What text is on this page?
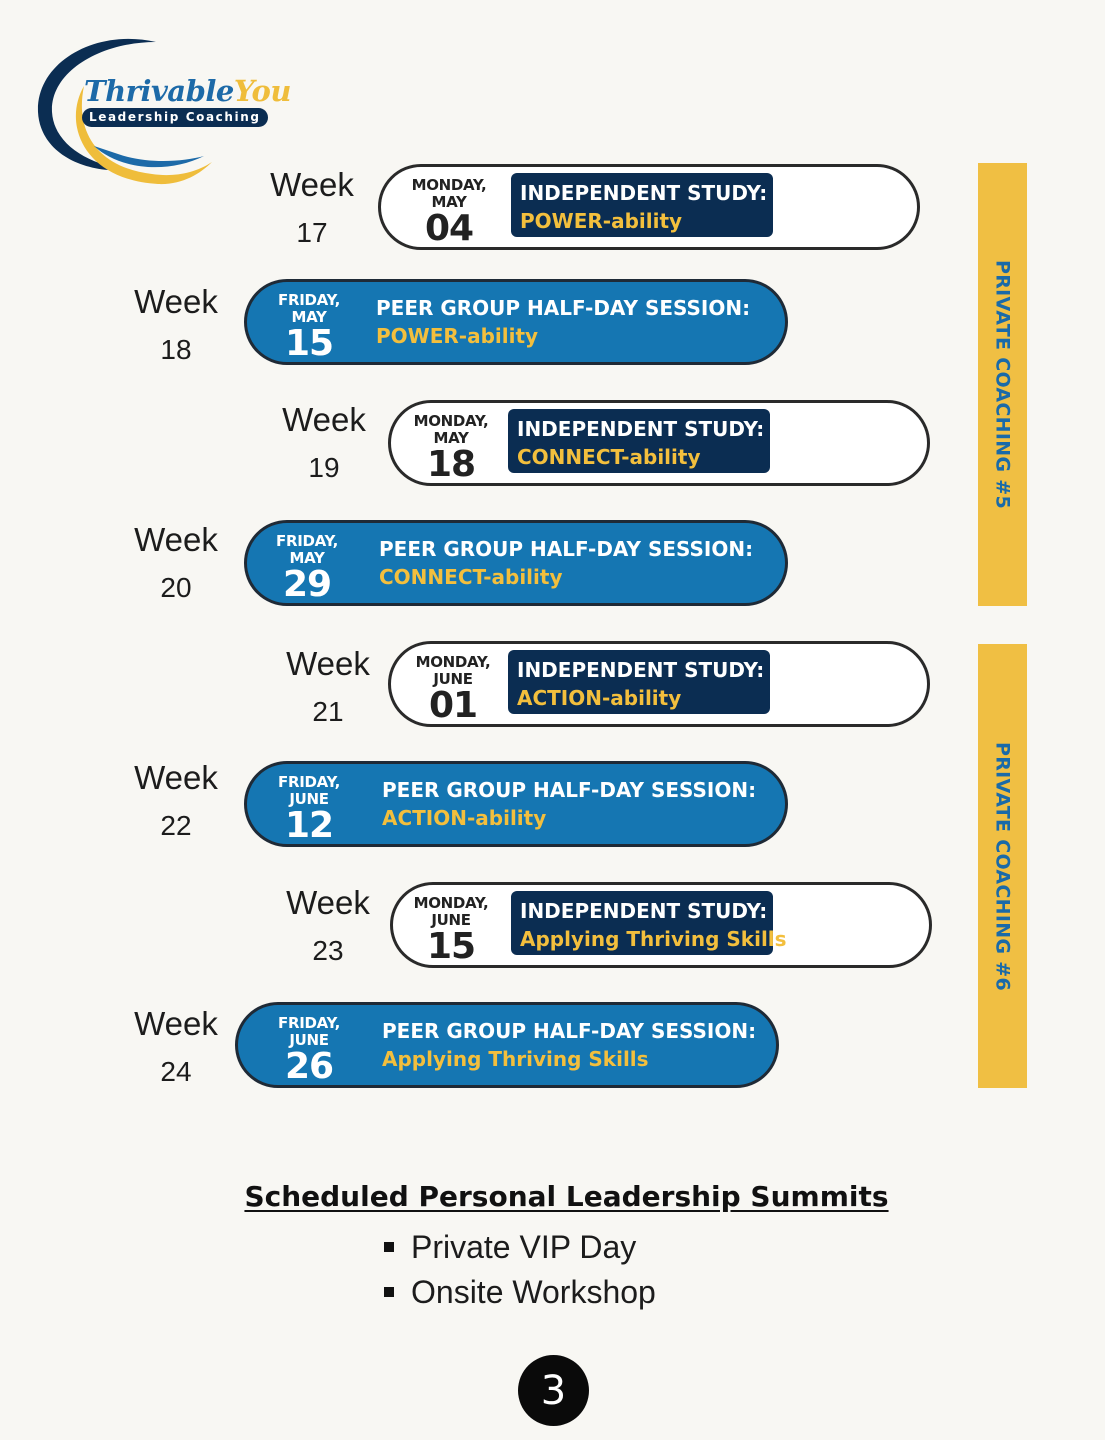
ThrivableYou
Leadership Coaching
Week
17
MONDAY,
MAY
04
INDEPENDENT STUDY:
POWER-ability
Week
18
FRIDAY,
MAY
15
PEER GROUP HALF-DAY SESSION:
POWER-ability
Week
19
MONDAY,
MAY
18
INDEPENDENT STUDY:
CONNECT-ability
Week
20
FRIDAY,
MAY
29
PEER GROUP HALF-DAY SESSION:
CONNECT-ability
Week
21
MONDAY,
JUNE
01
INDEPENDENT STUDY:
ACTION-ability
Week
22
FRIDAY,
JUNE
12
PEER GROUP HALF-DAY SESSION:
ACTION-ability
Week
23
MONDAY,
JUNE
15
INDEPENDENT STUDY:
Applying Thriving Skills
Week
24
FRIDAY,
JUNE
26
PEER GROUP HALF-DAY SESSION:
Applying Thriving Skills
PRIVATE COACHING #5
PRIVATE COACHING #6
Scheduled Personal Leadership Summits
Private VIP Day
Onsite Workshop
3
